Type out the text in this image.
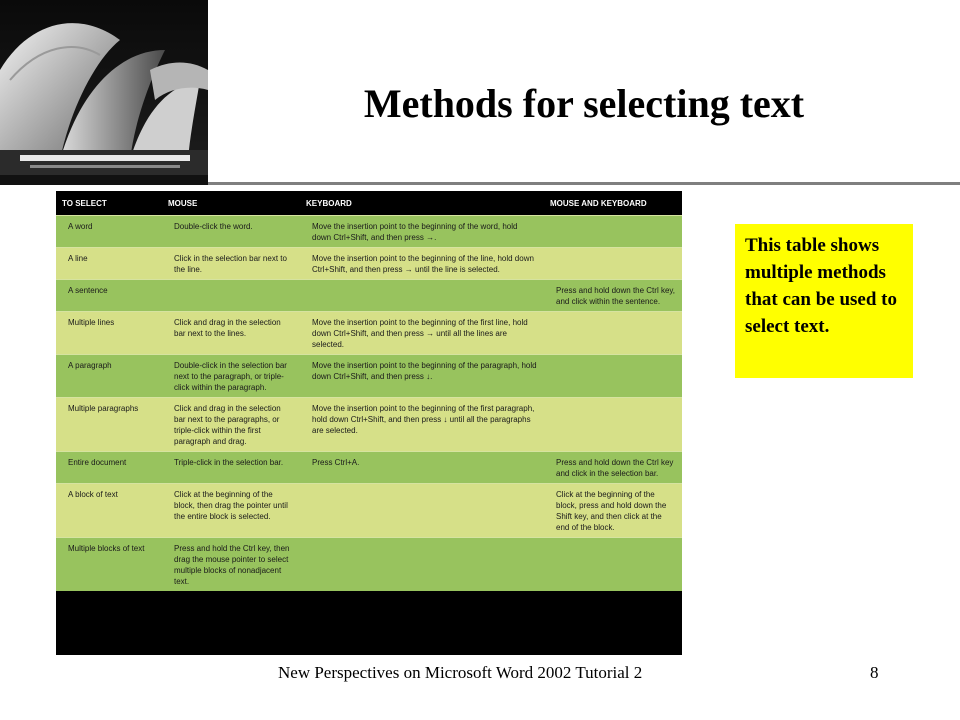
Methods for selecting text
TO SELECT	MOUSE	KEYBOARD	MOUSE AND KEYBOARD
A word	Double-click the word.	Move the insertion point to the beginning of the word, hold down Ctrl+Shift, and then press →.	
A line	Click in the selection bar next to the line.	Move the insertion point to the beginning of the line, hold down Ctrl+Shift, and then press → until the line is selected.	
A sentence			Press and hold down the Ctrl key, and click within the sentence.
Multiple lines	Click and drag in the selection bar next to the lines.	Move the insertion point to the beginning of the first line, hold down Ctrl+Shift, and then press → until all the lines are selected.	
A paragraph	Double-click in the selection bar next to the paragraph, or triple-click within the paragraph.	Move the insertion point to the beginning of the paragraph, hold down Ctrl+Shift, and then press ↓.	
Multiple paragraphs	Click and drag in the selection bar next to the paragraphs, or triple-click within the first paragraph and drag.	Move the insertion point to the beginning of the first paragraph, hold down Ctrl+Shift, and then press ↓ until all the paragraphs are selected.	
Entire document	Triple-click in the selection bar.	Press Ctrl+A.	Press and hold down the Ctrl key and click in the selection bar.
A block of text	Click at the beginning of the block, then drag the pointer until the entire block is selected.		Click at the beginning of the block, press and hold down the Shift key, and then click at the end of the block.
Multiple blocks of text	Press and hold the Ctrl key, then drag the mouse pointer to select multiple blocks of nonadjacent text.		
This table shows multiple methods that can be used to select text.
New Perspectives on Microsoft Word 2002 Tutorial 2	8
